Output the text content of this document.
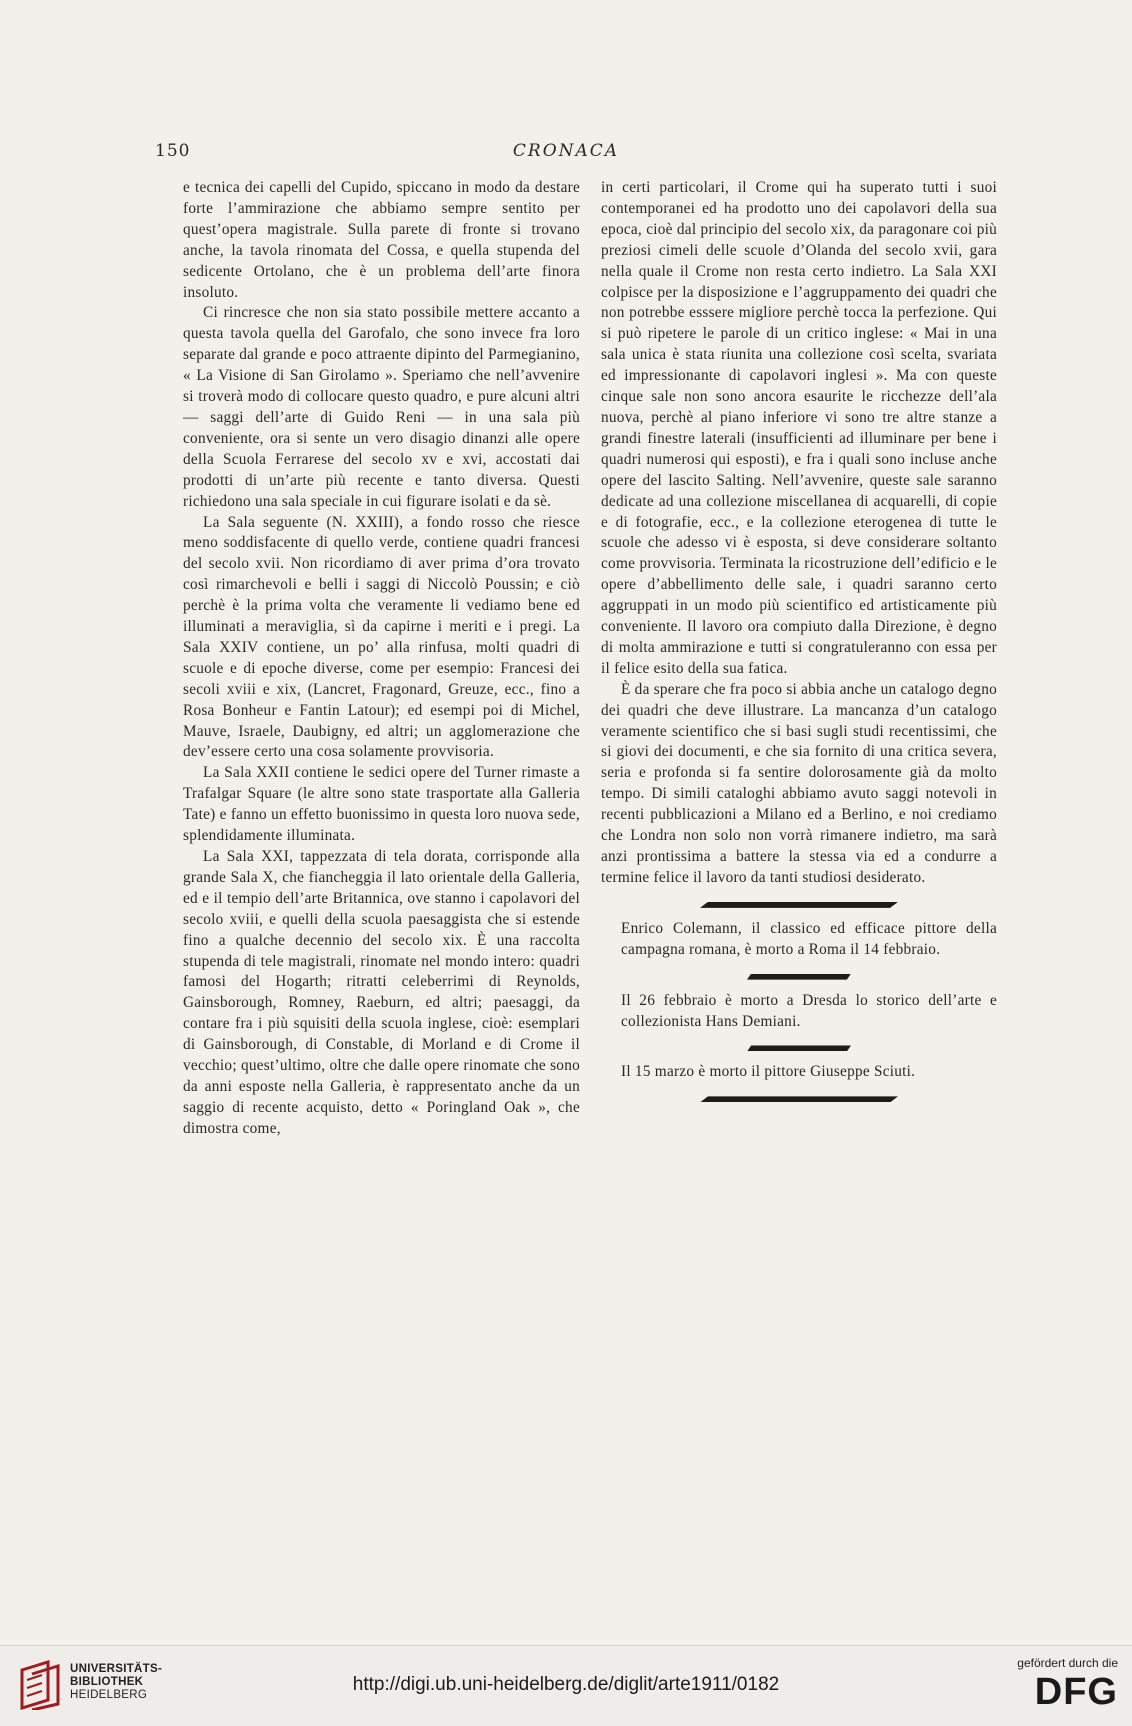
150	CRONACA

e tecnica dei capelli del Cupido, spiccano in modo da destare forte l’ammirazione che abbiamo sempre sentito per quest’opera magistrale. Sulla parete di fronte si trovano anche, la tavola rinomata del Cossa, e quella stupenda del sedicente Ortolano, che è un problema dell’arte finora insoluto.

Ci rincresce che non sia stato possibile mettere accanto a questa tavola quella del Garofalo, che sono invece fra loro separate dal grande e poco attraente dipinto del Parmegianino, « La Visione di San Girolamo ». Speriamo che nell’avvenire si troverà modo di collocare questo quadro, e pure alcuni altri — saggi dell’arte di Guido Reni — in una sala più conveniente, ora si sente un vero disagio dinanzi alle opere della Scuola Ferrarese del secolo xv e xvi, accostati dai prodotti di un’arte più recente e tanto diversa. Questi richiedono una sala speciale in cui figurare isolati e da sè.

La Sala seguente (N. XXIII), a fondo rosso che riesce meno soddisfacente di quello verde, contiene quadri francesi del secolo xvii. Non ricordiamo di aver prima d’ora trovato così rimarchevoli e belli i saggi di Niccolò Poussin; e ciò perchè è la prima volta che veramente li vediamo bene ed illuminati a meraviglia, sì da capirne i meriti e i pregi. La Sala XXIV contiene, un po’ alla rinfusa, molti quadri di scuole e di epoche diverse, come per esempio: Francesi dei secoli xviii e xix, (Lancret, Fragonard, Greuze, ecc., fino a Rosa Bonheur e Fantin Latour); ed esempi poi di Michel, Mauve, Israele, Daubigny, ed altri; un agglomerazione che dev’essere certo una cosa solamente provvisoria.

La Sala XXII contiene le sedici opere del Turner rimaste a Trafalgar Square (le altre sono state trasportate alla Galleria Tate) e fanno un effetto buonissimo in questa loro nuova sede, splendidamente illuminata.

La Sala XXI, tappezzata di tela dorata, corrisponde alla grande Sala X, che fiancheggia il lato orientale della Galleria, ed e il tempio dell’arte Britannica, ove stanno i capolavori del secolo xviii, e quelli della scuola paesaggista che si estende fino a qualche decennio del secolo xix. È una raccolta stupenda di tele magistrali, rinomate nel mondo intero: quadri famosi del Hogarth; ritratti celeberrimi di Reynolds, Gainsborough, Romney, Raeburn, ed altri; paesaggi, da contare fra i più squisiti della scuola inglese, cioè: esemplari di Gainsborough, di Constable, di Morland e di Crome il vecchio; quest’ultimo, oltre che dalle opere rinomate che sono da anni esposte nella Galleria, è rappresentato anche da un saggio di recente acquisto, detto « Poringland Oak », che dimostra come,

in certi particolari, il Crome qui ha superato tutti i suoi contemporanei ed ha prodotto uno dei capolavori della sua epoca, cioè dal principio del secolo xix, da paragonare coi più preziosi cimeli delle scuole d’Olanda del secolo xvii, gara nella quale il Crome non resta certo indietro. La Sala XXI colpisce per la disposizione e l’aggruppamento dei quadri che non potrebbe esssere migliore perchè tocca la perfezione. Qui si può ripetere le parole di un critico inglese: « Mai in una sala unica è stata riunita una collezione così scelta, svariata ed impressionante di capolavori inglesi ». Ma con queste cinque sale non sono ancora esaurite le ricchezze dell’ala nuova, perchè al piano inferiore vi sono tre altre stanze a grandi finestre laterali (insufficienti ad illuminare per bene i quadri numerosi qui esposti), e fra i quali sono incluse anche opere del lascito Salting. Nell’avvenire, queste sale saranno dedicate ad una collezione miscellanea di acquarelli, di copie e di fotografie, ecc., e la collezione eterogenea di tutte le scuole che adesso vi è esposta, si deve considerare soltanto come provvisoria. Terminata la ricostruzione dell’edificio e le opere d’abbellimento delle sale, i quadri saranno certo aggruppati in un modo più scientifico ed artisticamente più conveniente. Il lavoro ora compiuto dalla Direzione, è degno di molta ammirazione e tutti si congratuleranno con essa per il felice esito della sua fatica.

È da sperare che fra poco si abbia anche un catalogo degno dei quadri che deve illustrare. La mancanza d’un catalogo veramente scientifico che si basi sugli studi recentissimi, che si giovi dei documenti, e che sia fornito di una critica severa, seria e profonda si fa sentire dolorosamente già da molto tempo. Di simili cataloghi abbiamo avuto saggi notevoli in recenti pubblicazioni a Milano ed a Berlino, e noi crediamo che Londra non solo non vorrà rimanere indietro, ma sarà anzi prontissima a battere la stessa via ed a condurre a termine felice il lavoro da tanti studiosi desiderato.

Enrico Colemann, il classico ed efficace pittore della campagna romana, è morto a Roma il 14 febbraio.

Il 26 febbraio è morto a Dresda lo storico dell’arte e collezionista Hans Demiani.

Il 15 marzo è morto il pittore Giuseppe Sciuti.

UNIVERSITÄTS-
BIBLIOTHEK
HEIDELBERG	http://digi.ub.uni-heidelberg.de/diglit/arte1911/0182
gefördert durch die
DFG
